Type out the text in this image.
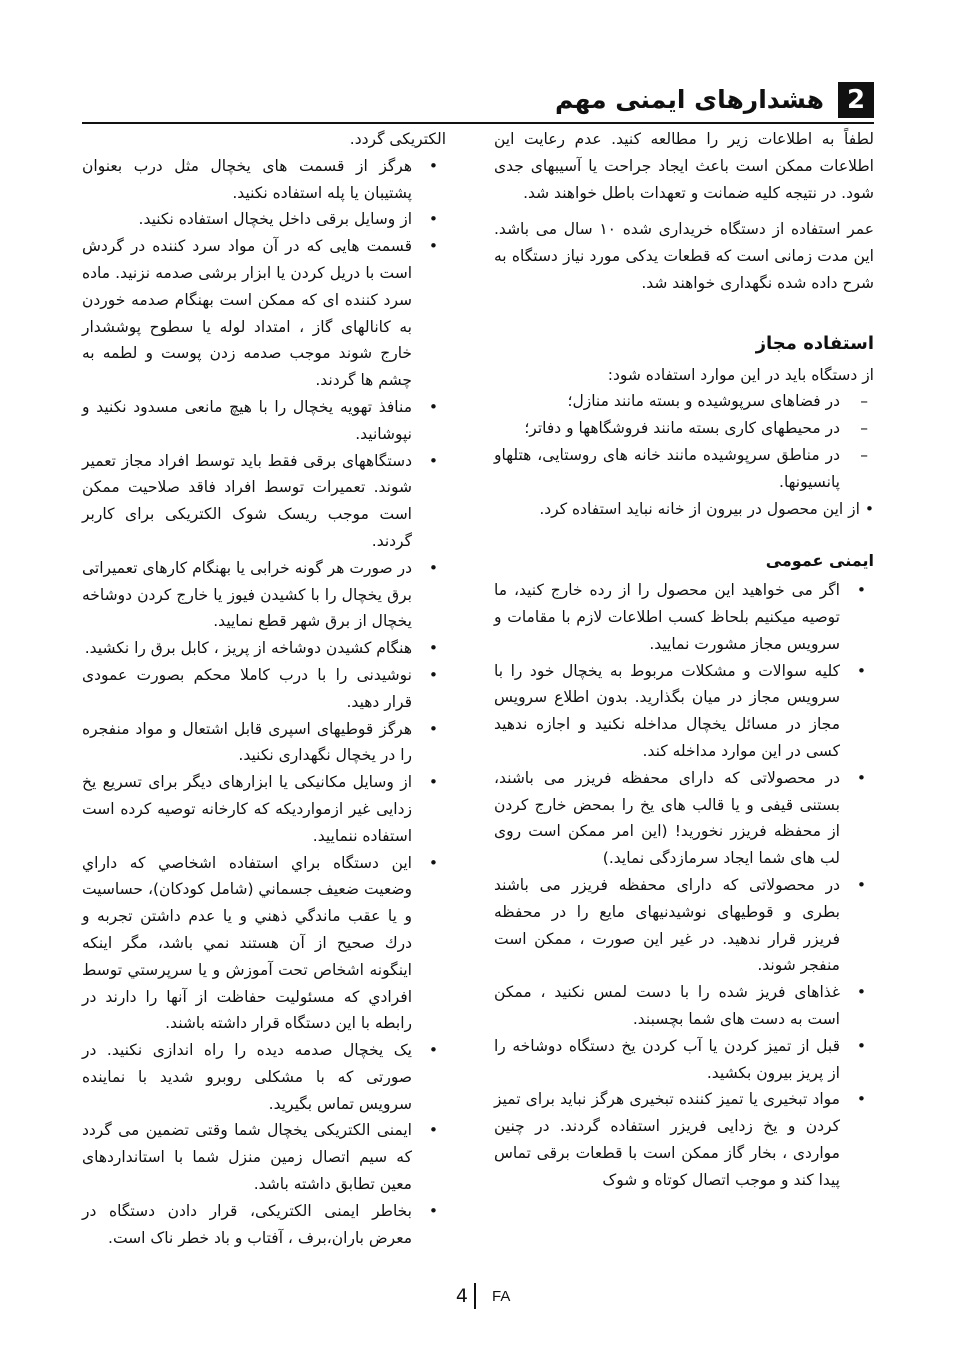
2
هشدارهای ایمنی مهم

لطفاً به اطلاعات زیر را مطالعه کنید. عدم رعایت این اطلاعات ممکن است باعث ایجاد جراحت یا آسیبهای جدی شود. در نتیجه کلیه ضمانت و تعهدات باطل خواهند شد.

عمر استفاده از دستگاه خریداری شده ۱۰ سال می باشد. این مدت زمانی است که قطعات یدکی مورد نیاز دستگاه به شرح داده شده نگهداری خواهند شد.

استفاده مجاز

از دستگاه باید در این موارد استفاده شود:

– در فضاهای سرپوشیده و بسته مانند منازل؛
– در محیطهای کاری بسته مانند فروشگاهها و دفاتر؛
– در مناطق سرپوشیده مانند خانه های روستایی، هتلهاو پانسیونها.

• از این محصول در بیرون از خانه نباید استفاده کرد.

ایمنی عمومی
• اگر می خواهید این محصول را از رده خارج کنید، ما توصیه میکنیم بلحاظ کسب اطلاعات لازم با مقامات و سرویس مجاز مشورت نمایید.
• کلیه سوالات و مشکلات مربوط به یخچال خود را با سرویس مجاز در میان بگذارید. بدون اطلاع سرویس مجاز در مسائل یخچال مداخله نکنید و اجازه ندهید کسی در این موارد مداخله کند.
• در محصولاتی که دارای محفظه فریزر می باشند، بستنی قیفی و یا قالب های یخ را بمحض خارج کردن از محفظه فریزر نخورید! (این امر ممکن است روی لب های شما ایجاد سرمازدگی نماید.)
• در محصولاتی که دارای محفظه فریزر می باشند بطری و قوطیهای نوشیدنیهای مایع را در محفظه فریزر قرار ندهید. در غیر این صورت ، ممکن است منفجر شوند.
• غذاهای فریز شده را با دست لمس نکنید ، ممکن است به دست های شما بچسبند.
• قبل از تمیز کردن یا آب کردن یخ دستگاه دوشاخه را از پریز بیرون بکشید.
• مواد تبخیری یا تمیز کننده تبخیری هرگز نباید برای تمیز کردن و یخ زدایی فریزر استفاده گردند. در چنین مواردی ، بخار گاز ممکن است با قطعات برقی تماس پیدا کند و موجب اتصال کوتاه و شوک

الکتریکی گردد.

• هرگز از قسمت های یخچال مثل درب بعنوان پشتیبان یا پله استفاده نکنید.
• از وسایل برقی داخل یخچال استفاده نکنید.
• قسمت هایی که در آن مواد سرد کننده در گردش است با دریل کردن یا ابزار برشی صدمه نزنید. ماده سرد کننده ای که ممکن است بهنگام صدمه خوردن به کانالهای گاز ، امتداد لوله یا سطوح پوششدار خارج شوند موجب صدمه زدن پوست و لطمه به چشم ها گردند.
• منافذ تهویه یخچال را با هیچ مانعی مسدود نکنید و نپوشانید.
• دستگاههای برقی فقط باید توسط افراد مجاز تعمیر شوند. تعمیرات توسط افراد فاقد صلاحیت ممکن است موجب ریسک شوک الکتریکی برای کاربر گردند.
• در صورت هر گونه خرابی یا بهنگام کارهای تعمیراتی برق یخچال را با کشیدن فیوز یا خارج کردن دوشاخه یخچال از برق شهر قطع نمایید.
• هنگام کشیدن دوشاخه از پریز ، کابل برق را نکشید.
• نوشیدنی را با درب کاملا محکم بصورت عمودی قرار دهید.
• هرگز قوطیهای اسپری قابل اشتعال و مواد منفجره را در یخچال نگهداری نکنید.
• از وسایل مکانیکی یا ابزارهای دیگر برای تسریع یخ زدایی غیر ازمواردیکه که کارخانه توصیه کرده است استفاده ننمایید.
• اين دستگاه براي استفاده اشخاصي كه داراي وضعيت ضعيف جسماني (شامل كودكان)، حساسيت و يا عقب ماندگي ذهني و يا عدم داشتن تجربه و درك صحيح از آن هستند نمي باشد، مگر اينكه اينگونه اشخاص تحت آموزش و يا سرپرستي توسط افرادي كه مسئوليت حفاظت از آنها را دارند در رابطه با اين دستگاه قرار داشته باشند.
• یک یخچال صدمه دیده را راه اندازی نکنید. در صورتی که با مشکلی روبرو شدید با نماینده سرویس تماس بگیرید.
• ایمنی الکتریکی یخچال شما وقتی تضمین می گردد که سیم اتصال زمین منزل شما با استانداردهای معین تطابق داشته باشد.
• بخاطر ایمنی الکتریکی، قرار دادن دستگاه در معرض باران،برف ، آفتاب و باد خطر ناک است.
4 FA
